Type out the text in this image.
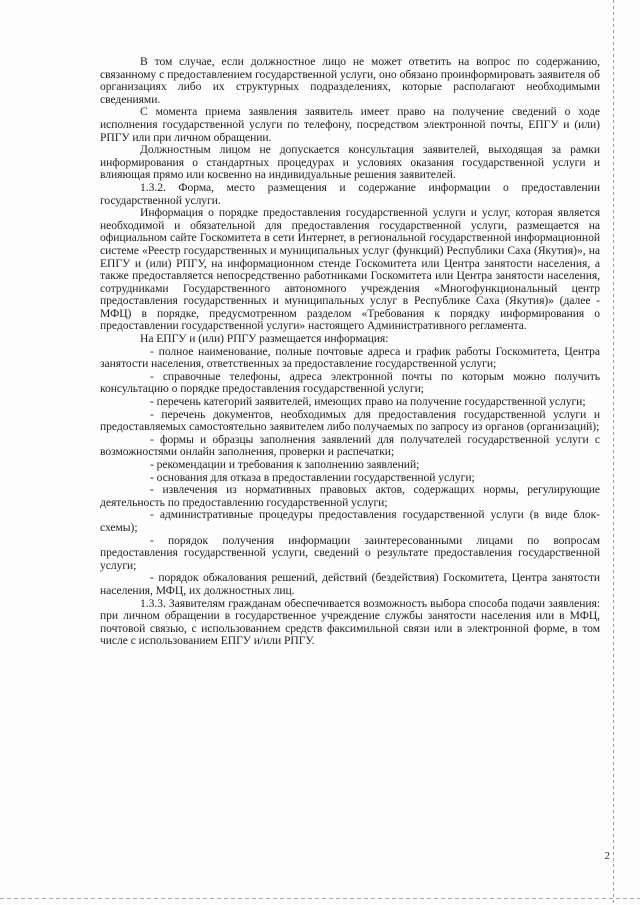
В том случае, если должностное лицо не может ответить на вопрос по содержанию, связанному с предоставлением государственной услуги, оно обязано проинформировать заявителя об организациях либо их структурных подразделениях, которые располагают необходимыми сведениями.

С момента приема заявления заявитель имеет право на получение сведений о ходе исполнения государственной услуги по телефону, посредством электронной почты, ЕПГУ и (или) РПГУ или при личном обращении.

Должностным лицом не допускается консультация заявителей, выходящая за рамки информирования о стандартных процедурах и условиях оказания государственной услуги и влияющая прямо или косвенно на индивидуальные решения заявителей.

1.3.2. Форма, место размещения и содержание информации о предоставлении государственной услуги.

Информация о порядке предоставления государственной услуги и услуг, которая является необходимой и обязательной для предоставления государственной услуги, размещается на официальном сайте Госкомитета в сети Интернет, в региональной государственной информационной системе «Реестр государственных и муниципальных услуг (функций) Республики Саха (Якутия)», на ЕПГУ и (или) РПГУ, на информационном стенде Госкомитета или Центра занятости населения, а также предоставляется непосредственно работниками Госкомитета или Центра занятости населения, сотрудниками Государственного автономного учреждения «Многофункциональный центр предоставления государственных и муниципальных услуг в Республике Саха (Якутия)» (далее - МФЦ) в порядке, предусмотренном разделом «Требования к порядку информирования о предоставлении государственной услуги» настоящего Административного регламента.

На ЕПГУ и (или) РПГУ размещается информация:

- полное наименование, полные почтовые адреса и график работы Госкомитета, Центра занятости населения, ответственных за предоставление государственной услуги;

- справочные телефоны, адреса электронной почты по которым можно получить консультацию о порядке предоставления государственной услуги;

- перечень категорий заявителей, имеющих право на получение государственной услуги;

- перечень документов, необходимых для предоставления государственной услуги и предоставляемых самостоятельно заявителем либо получаемых по запросу из органов (организаций);

- формы и образцы заполнения заявлений для получателей государственной услуги с возможностями онлайн заполнения, проверки и распечатки;

- рекомендации и требования к заполнению заявлений;

- основания для отказа в предоставлении государственной услуги;

- извлечения из нормативных правовых актов, содержащих нормы, регулирующие деятельность по предоставлению государственной услуги;

- административные процедуры предоставления государственной услуги (в виде блок-схемы);

- порядок получения информации заинтересованными лицами по вопросам предоставления государственной услуги, сведений о результате предоставления государственной услуги;

- порядок обжалования решений, действий (бездействия) Госкомитета, Центра занятости населения, МФЦ, их должностных лиц.

1.3.3. Заявителям гражданам обеспечивается возможность выбора способа подачи заявления: при личном обращении в государственное учреждение службы занятости населения или в МФЦ, почтовой связью, с использованием средств факсимильной связи или в электронной форме, в том числе с использованием ЕПГУ и/или РПГУ.

2
